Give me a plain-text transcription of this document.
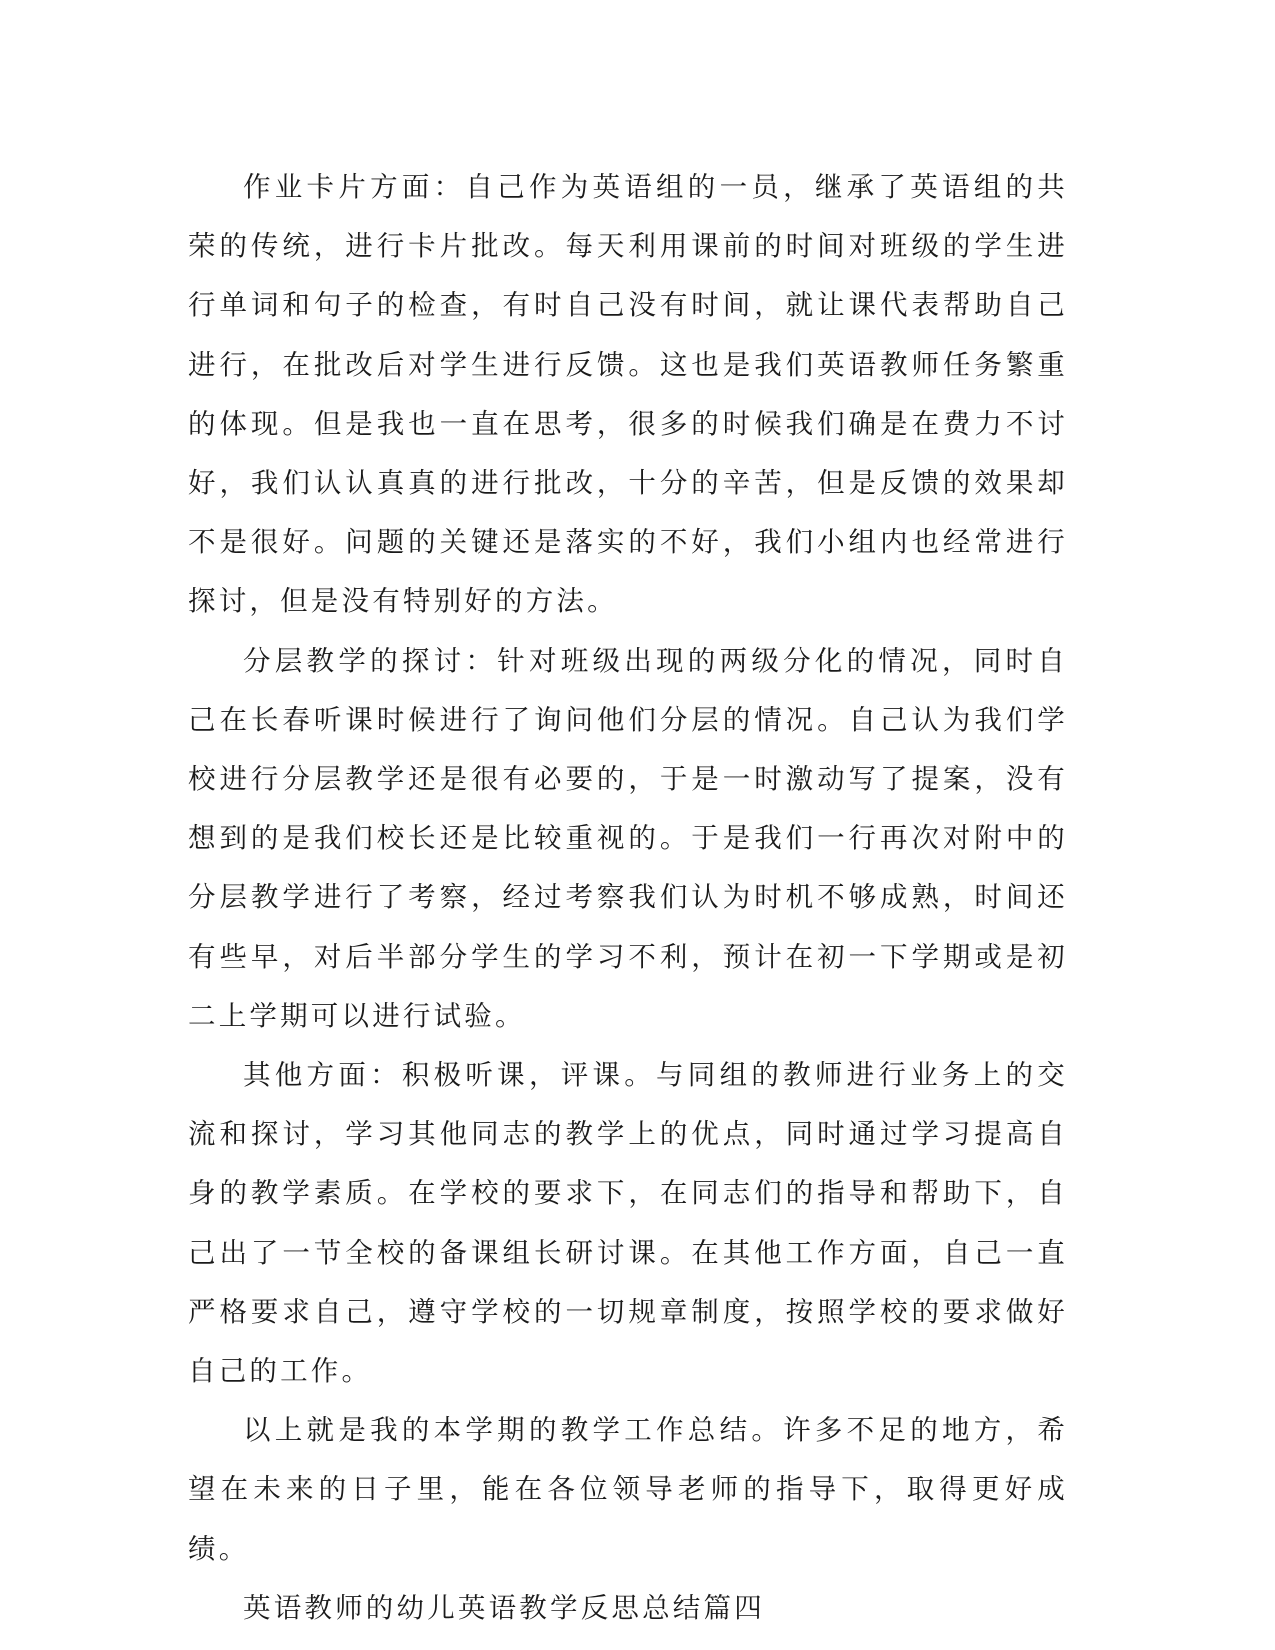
作业卡片方面：自己作为英语组的一员，继承了英语组的共荣的传统，进行卡片批改。每天利用课前的时间对班级的学生进行单词和句子的检查，有时自己没有时间，就让课代表帮助自己进行，在批改后对学生进行反馈。这也是我们英语教师任务繁重的体现。但是我也一直在思考，很多的时候我们确是在费力不讨好，我们认认真真的进行批改，十分的辛苦，但是反馈的效果却不是很好。问题的关键还是落实的不好，我们小组内也经常进行探讨，但是没有特别好的方法。

分层教学的探讨：针对班级出现的两级分化的情况，同时自己在长春听课时候进行了询问他们分层的情况。自己认为我们学校进行分层教学还是很有必要的，于是一时激动写了提案，没有想到的是我们校长还是比较重视的。于是我们一行再次对附中的分层教学进行了考察，经过考察我们认为时机不够成熟，时间还有些早，对后半部分学生的学习不利，预计在初一下学期或是初二上学期可以进行试验。

其他方面：积极听课，评课。与同组的教师进行业务上的交流和探讨，学习其他同志的教学上的优点，同时通过学习提高自身的教学素质。在学校的要求下，在同志们的指导和帮助下，自己出了一节全校的备课组长研讨课。在其他工作方面，自己一直严格要求自己，遵守学校的一切规章制度，按照学校的要求做好自己的工作。

以上就是我的本学期的教学工作总结。许多不足的地方，希望在未来的日子里，能在各位领导老师的指导下，取得更好成绩。

英语教师的幼儿英语教学反思总结篇四
